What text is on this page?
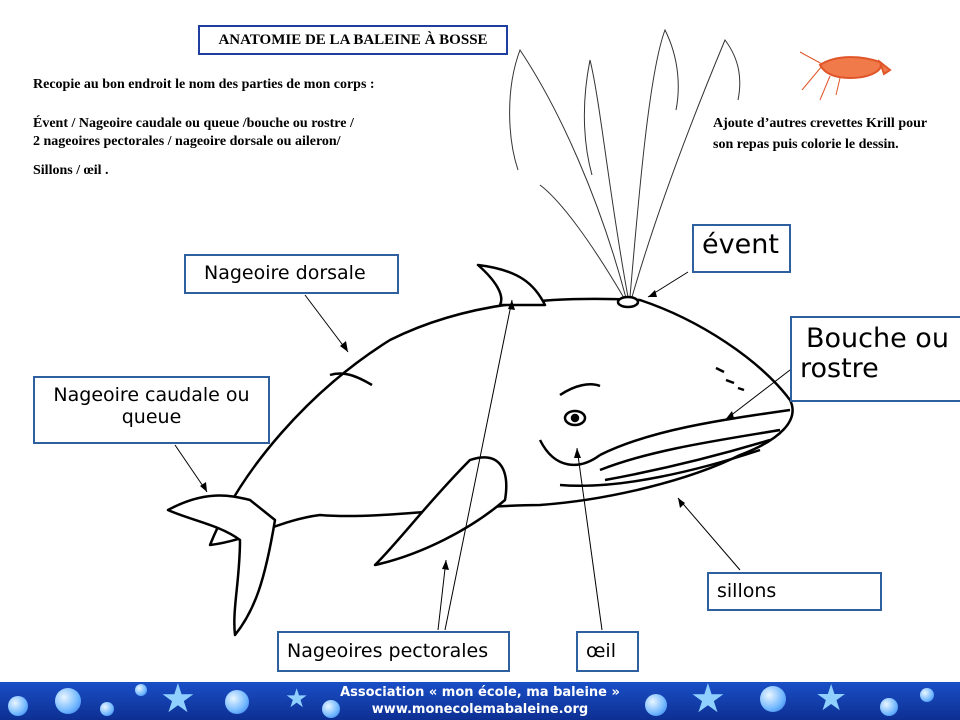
ANATOMIE DE LA BALEINE À BOSSE
Recopie au bon endroit le nom des parties de mon corps :
Évent / Nageoire caudale ou queue /bouche ou rostre /
2 nageoires pectorales / nageoire dorsale ou aileron/
Sillons / œil .
Ajoute d’autres crevettes Krill pour
son repas puis colorie le dessin.
évent
Bouche ou
rostre
Nageoire dorsale
Nageoire caudale ou
queue
sillons
Nageoires pectorales	œil
★	★	★ ★
Association « mon école, ma baleine »
www.monecolemabaleine.org
